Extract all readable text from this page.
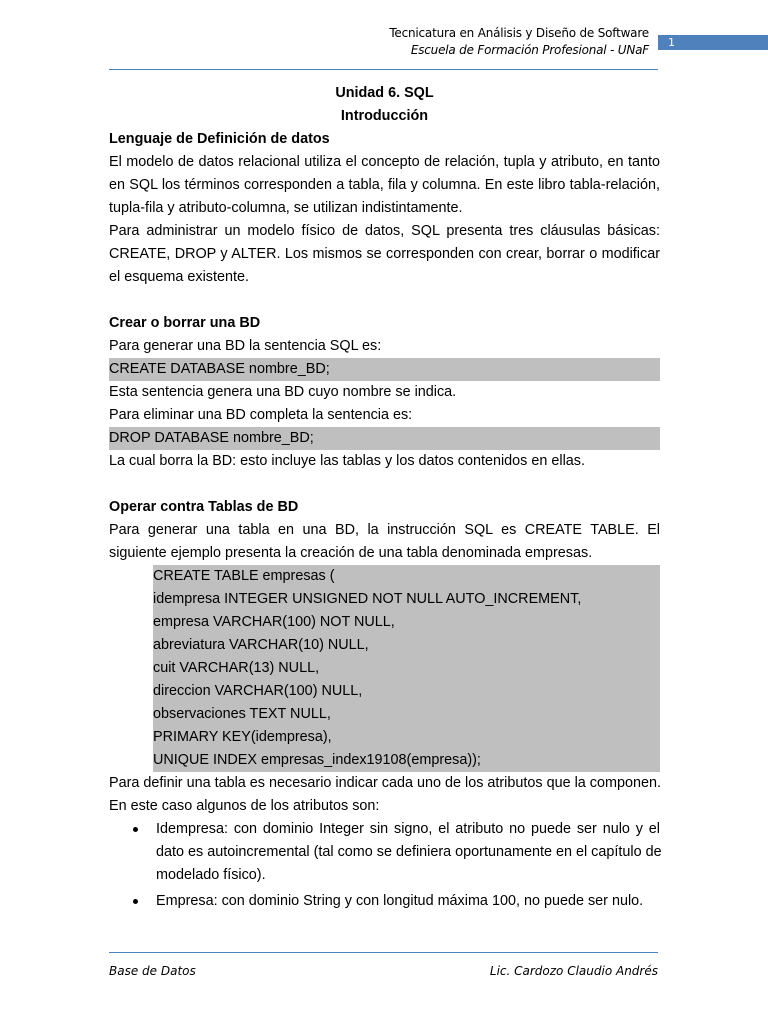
Tecnicatura en Análisis y Diseño de Software
Escuela de Formación Profesional - UNaF
1
Unidad 6. SQL
Introducción
Lenguaje de Definición de datos
El modelo de datos relacional utiliza el concepto de relación, tupla y atributo, en tanto
en SQL los términos corresponden a tabla, fila y columna. En este libro tabla-relación,
tupla-fila y atributo-columna, se utilizan indistintamente.
Para administrar un modelo físico de datos, SQL presenta tres cláusulas básicas:
CREATE, DROP y ALTER. Los mismos se corresponden con crear, borrar o modificar
el esquema existente.
Crear o borrar una BD
Para generar una BD la sentencia SQL es:
CREATE DATABASE nombre_BD;
Esta sentencia genera una BD cuyo nombre se indica.
Para eliminar una BD completa la sentencia es:
DROP DATABASE nombre_BD;
La cual borra la BD: esto incluye las tablas y los datos contenidos en ellas.
Operar contra Tablas de BD
Para generar una tabla en una BD, la instrucción SQL es CREATE TABLE. El
siguiente ejemplo presenta la creación de una tabla denominada empresas.
CREATE TABLE empresas (
idempresa INTEGER UNSIGNED NOT NULL AUTO_INCREMENT,
empresa VARCHAR(100) NOT NULL,
abreviatura VARCHAR(10) NULL,
cuit VARCHAR(13) NULL,
direccion VARCHAR(100) NULL,
observaciones TEXT NULL,
PRIMARY KEY(idempresa),
UNIQUE INDEX empresas_index19108(empresa));
Para definir una tabla es necesario indicar cada uno de los atributos que la componen.
En este caso algunos de los atributos son:
Idempresa: con dominio Integer sin signo, el atributo no puede ser nulo y el
dato es autoincremental (tal como se definiera oportunamente en el capítulo de
modelado físico).
Empresa: con dominio String y con longitud máxima 100, no puede ser nulo.
Base de Datos	Lic. Cardozo Claudio Andrés
